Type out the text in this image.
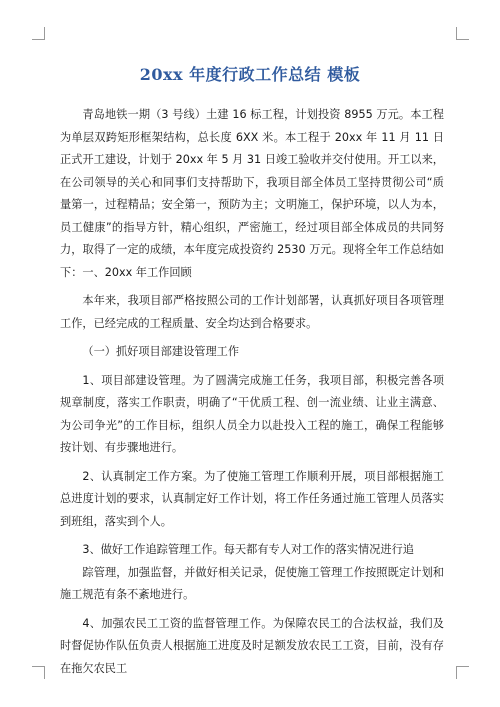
20xx 年度行政工作总结 模板

青岛地铁一期（3 号线）土建 16 标工程，计划投资 8955 万元。本工程为单层双跨矩形框架结构，总长度 6XX 米。本工程于 20xx 年 11 月 11 日正式开工建设，计划于 20xx 年 5 月 31 日竣工验收并交付使用。开工以来，在公司领导的关心和同事们支持帮助下，我项目部全体员工坚持贯彻公司“质量第一，过程精品；安全第一，预防为主；文明施工，保护环境，以人为本，员工健康”的指导方针，精心组织，严密施工，经过项目部全体成员的共同努力，取得了一定的成绩，本年度完成投资约 2530 万元。现将全年工作总结如下：一、20xx 年工作回顾

本年来，我项目部严格按照公司的工作计划部署，认真抓好项目各项管理工作，已经完成的工程质量、安全均达到合格要求。

（一）抓好项目部建设管理工作

1、项目部建设管理。为了圆满完成施工任务，我项目部，积极完善各项规章制度，落实工作职责，明确了“干优质工程、创一流业绩、让业主满意、为公司争光”的工作目标，组织人员全力以赴投入工程的施工，确保工程能够按计划、有步骤地进行。

2、认真制定工作方案。为了使施工管理工作顺利开展，项目部根据施工总进度计划的要求，认真制定好工作计划，将工作任务通过施工管理人员落实到班组，落实到个人。

3、做好工作追踪管理工作。每天都有专人对工作的落实情况进行追

踪管理，加强监督，并做好相关记录，促使施工管理工作按照既定计划和施工规范有条不紊地进行。

4、加强农民工工资的监督管理工作。为保障农民工的合法权益，我们及时督促协作队伍负责人根据施工进度及时足额发放农民工工资，目前，没有存在拖欠农民工
